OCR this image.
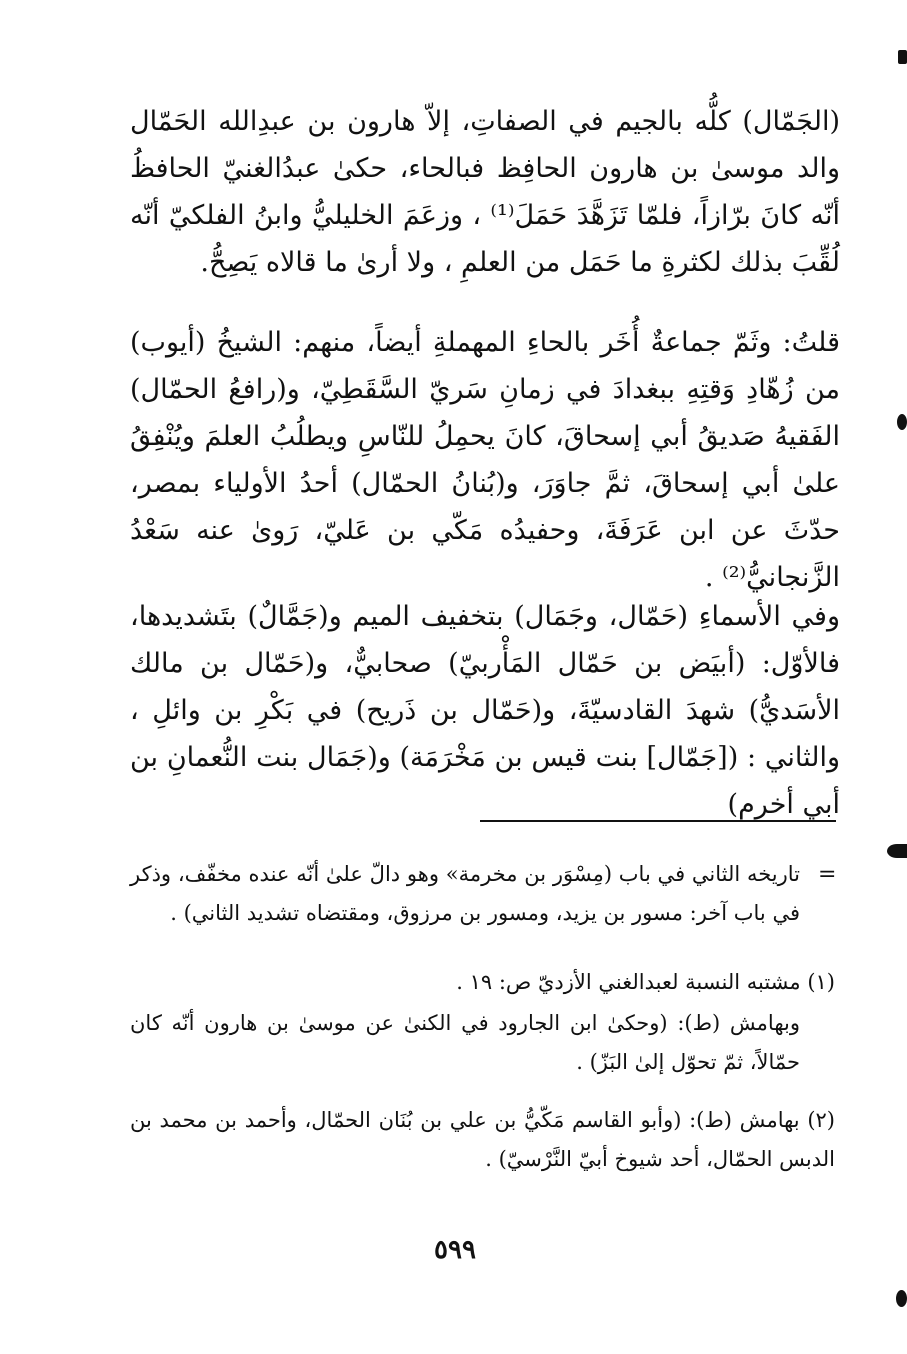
(الجَمّال) كلُّه بالجيم في الصفاتِ، إلاّ هارون بن عبدِالله الحَمّال والد موسىٰ بن هارون الحافِظ فبالحاء، حكىٰ عبدُالغنيّ الحافظُ أنّه كانَ برّازاً، فلمّا تَزَهَّدَ حَمَلَ⁽¹⁾ ، وزعَمَ الخليليُّ وابنُ الفلكيّ أنّه لُقِّبَ بذلك لكثرةِ ما حَمَل من العلمِ ، ولا أرىٰ ما قالاه يَصِحُّ.

قلتُ: وثَمّ جماعةٌ أُخَر بالحاءِ المهملةِ أيضاً، منهم: الشيخُ (أيوب) من زُهّادِ وَقتِهِ ببغدادَ في زمانِ سَريّ السَّقَطِيّ، و(رافعُ الحمّال) الفَقيهُ صَديقُ أبي إسحاقَ، كانَ يحمِلُ للنّاسِ ويطلُبُ العلمَ ويُنْفِقُ علىٰ أبي إسحاقَ، ثمَّ جاوَرَ، و(بُنانُ الحمّال) أحدُ الأولياء بمصر، حدّثَ عن ابن عَرَفَةَ، وحفيدُه مَكّي بن عَليّ، رَوىٰ عنه سَعْدُ الزَّنجانيُّ⁽²⁾ .

وفي الأسماءِ (حَمّال، وجَمَال) بتخفيف الميم و(جَمَّالٌ) بتَشديدها، فالأوّل: (أبيَض بن حَمّال المَأْربيّ) صحابيٌّ، و(حَمّال بن مالك الأسَديُّ) شهدَ القادسيّةَ، و(حَمّال بن ذَريح) في بَكْرِ بن وائلِ ، والثاني : ([جَمّال] بنت قيس بن مَخْرَمَة) و(جَمَال بنت النُّعمانِ بن أبي أخرم)

=

تاريخه الثاني في باب (مِسْوَر بن مخرمة» وهو دالّ علىٰ أنّه عنده مخفّف، وذكر في باب آخر: مسور بن يزيد، ومسور بن مرزوق، ومقتضاه تشديد الثاني) .

(١) مشتبه النسبة لعبدالغني الأزديّ ص: ١٩ .

وبهامش (ط): (وحكىٰ ابن الجارود في الكنىٰ عن موسىٰ بن هارون أنّه كان حمّالاً، ثمّ تحوّل إلىٰ البَزّ) .

(٢) بهامش (ط): (وأبو القاسم مَكّيُّ بن علي بن بُنَان الحمّال، وأحمد بن محمد بن الدبس الحمّال، أحد شيوخ أبيّ النَّرْسيّ) .

٥٩٩
